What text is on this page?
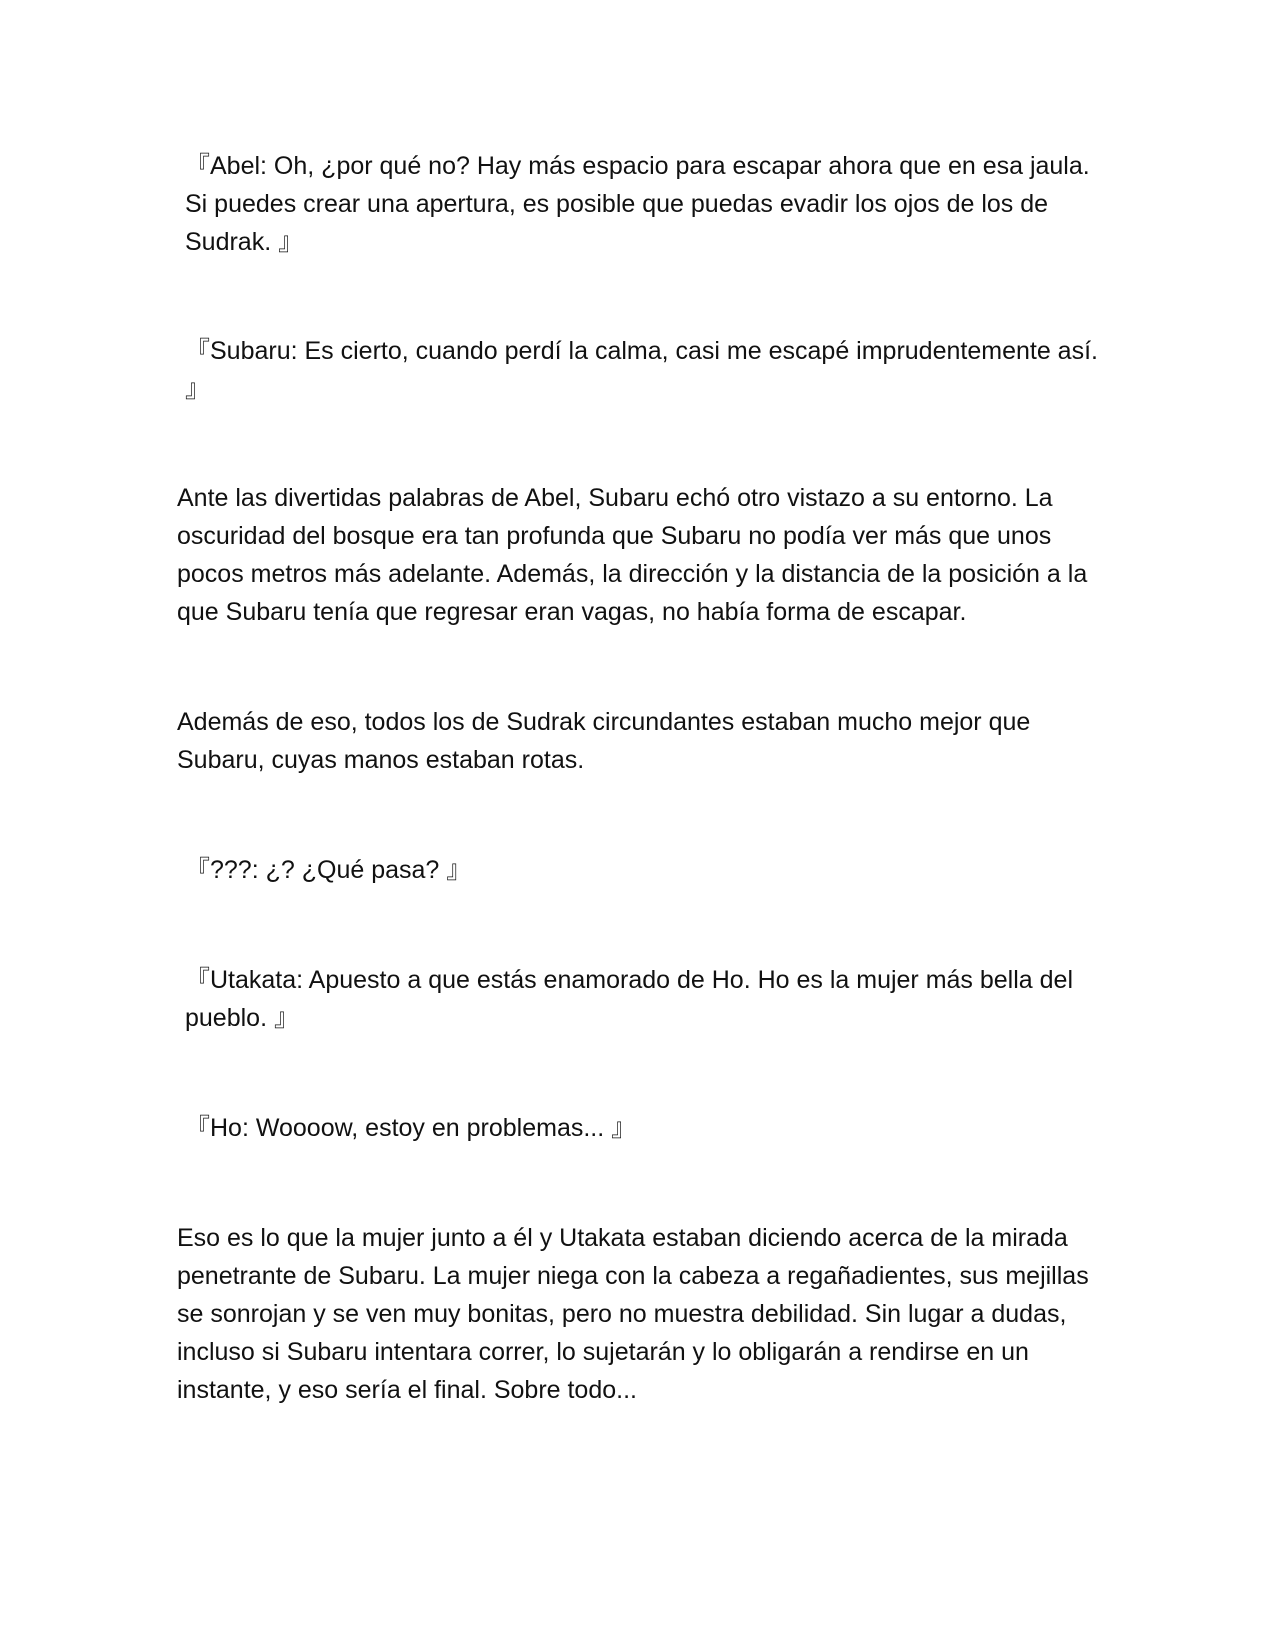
『Abel: Oh, ¿por qué no? Hay más espacio para escapar ahora que en esa jaula. Si puedes crear una apertura, es posible que puedas evadir los ojos de los de Sudrak. 』

『Subaru: Es cierto, cuando perdí la calma, casi me escapé imprudentemente así. 』

Ante las divertidas palabras de Abel, Subaru echó otro vistazo a su entorno. La oscuridad del bosque era tan profunda que Subaru no podía ver más que unos pocos metros más adelante. Además, la dirección y la distancia de la posición a la que Subaru tenía que regresar eran vagas, no había forma de escapar.

Además de eso, todos los de Sudrak circundantes estaban mucho mejor que Subaru, cuyas manos estaban rotas.

『???: ¿? ¿Qué pasa? 』

『Utakata: Apuesto a que estás enamorado de Ho. Ho es la mujer más bella del pueblo. 』

『Ho: Woooow, estoy en problemas... 』

Eso es lo que la mujer junto a él y Utakata estaban diciendo acerca de la mirada penetrante de Subaru. La mujer niega con la cabeza a regañadientes, sus mejillas se sonrojan y se ven muy bonitas, pero no muestra debilidad. Sin lugar a dudas, incluso si Subaru intentara correr, lo sujetarán y lo obligarán a rendirse en un instante, y eso sería el final. Sobre todo...
